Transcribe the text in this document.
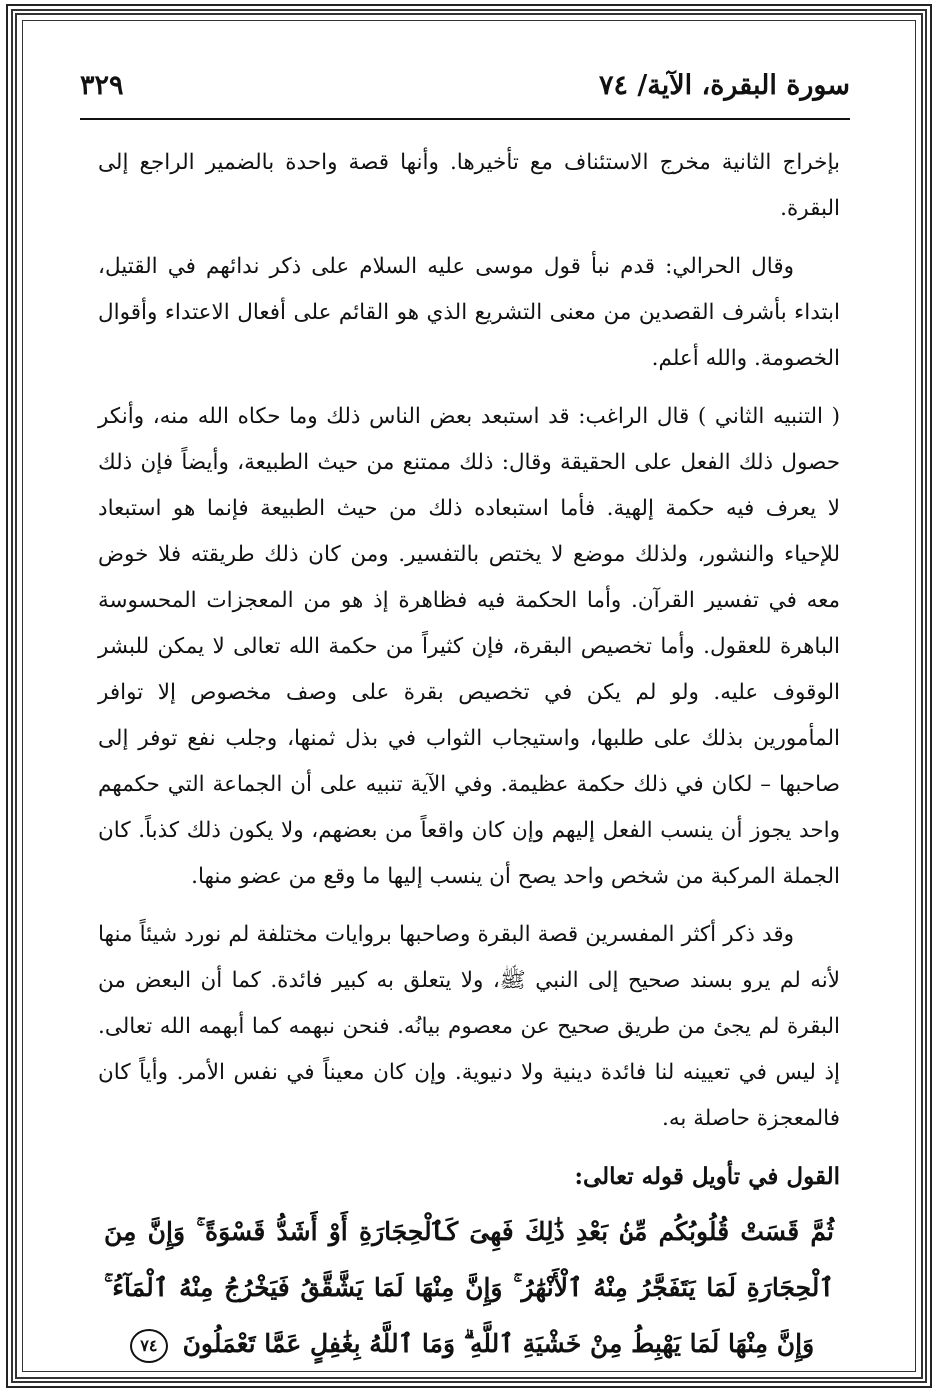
سورة البقرة، الآية/ ٧٤
٣٢٩

بإخراج الثانية مخرج الاستئناف مع تأخيرها. وأنها قصة واحدة بالضمير الراجع إلى البقرة.

وقال الحرالي: قدم نبأ قول موسى عليه السلام على ذكر ندائهم في القتيل، ابتداء بأشرف القصدين من معنى التشريع الذي هو القائم على أفعال الاعتداء وأقوال الخصومة. والله أعلم.

( التنبيه الثاني ) قال الراغب: قد استبعد بعض الناس ذلك وما حكاه الله منه، وأنكر حصول ذلك الفعل على الحقيقة وقال: ذلك ممتنع من حيث الطبيعة، وأيضاً فإن ذلك لا يعرف فيه حكمة إلهية. فأما استبعاده ذلك من حيث الطبيعة فإنما هو استبعاد للإحياء والنشور، ولذلك موضع لا يختص بالتفسير. ومن كان ذلك طريقته فلا خوض معه في تفسير القرآن. وأما الحكمة فيه فظاهرة إذ هو من المعجزات المحسوسة الباهرة للعقول. وأما تخصيص البقرة، فإن كثيراً من حكمة الله تعالى لا يمكن للبشر الوقوف عليه. ولو لم يكن في تخصيص بقرة على وصف مخصوص إلا توافر المأمورين بذلك على طلبها، واستيجاب الثواب في بذل ثمنها، وجلب نفع توفر إلى صاحبها – لكان في ذلك حكمة عظيمة. وفي الآية تنبيه على أن الجماعة التي حكمهم واحد يجوز أن ينسب الفعل إليهم وإن كان واقعاً من بعضهم، ولا يكون ذلك كذباً. كان الجملة المركبة من شخص واحد يصح أن ينسب إليها ما وقع من عضو منها.

وقد ذكر أكثر المفسرين قصة البقرة وصاحبها بروايات مختلفة لم نورد شيئاً منها لأنه لم يرو بسند صحيح إلى النبي ﷺ، ولا يتعلق به كبير فائدة. كما أن البعض من البقرة لم يجئ من طريق صحيح عن معصوم بيانُه. فنحن نبهمه كما أبهمه الله تعالى. إذ ليس في تعيينه لنا فائدة دينية ولا دنيوية. وإن كان معيناً في نفس الأمر. وأياً كان فالمعجزة حاصلة به.

القول في تأويل قوله تعالى:

ثُمَّ قَسَتْ قُلُوبُكُم مِّنۢ بَعْدِ ذَٰلِكَ فَهِىَ كَٱلْحِجَارَةِ أَوْ أَشَدُّ قَسْوَةً ۚ وَإِنَّ مِنَ ٱلْحِجَارَةِ لَمَا يَتَفَجَّرُ مِنْهُ ٱلْأَنْهَٰرُ ۚ وَإِنَّ مِنْهَا لَمَا يَشَّقَّقُ فَيَخْرُجُ مِنْهُ ٱلْمَآءُ ۚ وَإِنَّ مِنْهَا لَمَا يَهْبِطُ مِنْ خَشْيَةِ ٱللَّهِ ۗ وَمَا ٱللَّهُ بِغَٰفِلٍ عَمَّا تَعْمَلُونَ ٧٤
